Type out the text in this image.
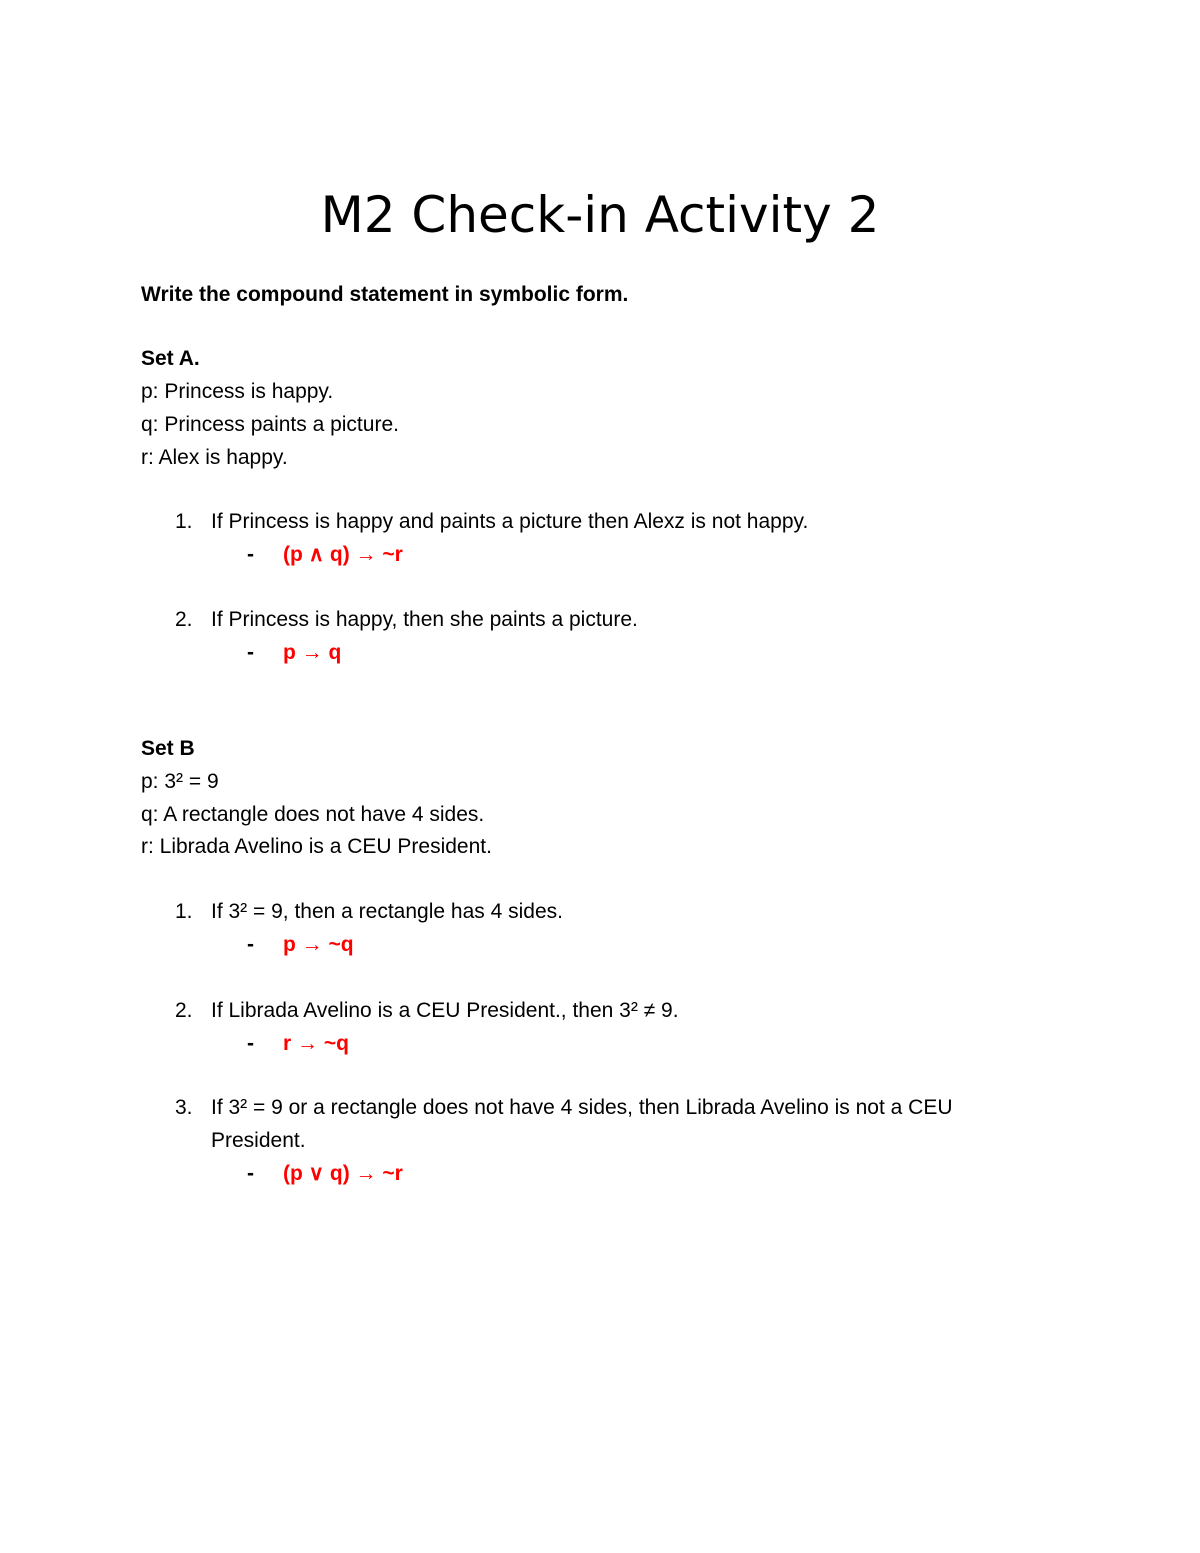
M2 Check-in Activity 2

Write the compound statement in symbolic form.

Set A.

p: Princess is happy.

q: Princess paints a picture.

r: Alex is happy.

1. If Princess is happy and paints a picture then Alexz is not happy.
- (p ∧ q) → ~r
2. If Princess is happy, then she paints a picture.
- p → q

Set B

p: 3² = 9

q: A rectangle does not have 4 sides.

r: Librada Avelino is a CEU President.

1. If 3² = 9, then a rectangle has 4 sides.
- p → ~q
2. If Librada Avelino is a CEU President., then 3² ≠ 9.
- r → ~q
3. If 3² = 9 or a rectangle does not have 4 sides, then Librada Avelino is not a CEU
President.
- (p ∨ q) → ~r
